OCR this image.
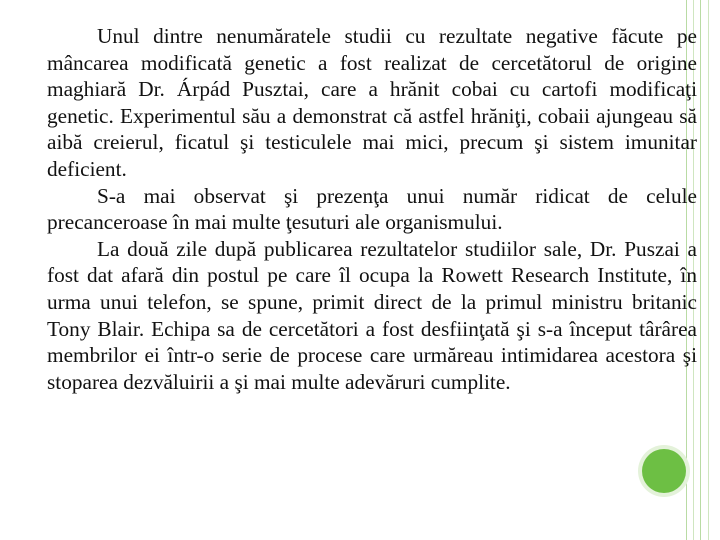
Unul dintre nenumăratele studii cu rezultate negative făcute pe mâncarea modificată genetic a fost realizat de cercetătorul de origine maghiară Dr. Árpád Pusztai, care a hrănit cobai cu cartofi modificaţi genetic. Experimentul său a demonstrat că astfel hrăniţi, cobaii ajungeau să aibă creierul, ficatul şi testiculele mai mici, precum şi sistem imunitar deficient.

S-a mai observat şi prezenţa unui număr ridicat de celule precanceroase în mai multe ţesuturi ale organismului.

La două zile după publicarea rezultatelor studiilor sale, Dr. Puszai a fost dat afară din postul pe care îl ocupa la Rowett Research Institute, în urma unui telefon, se spune, primit direct de la primul ministru britanic Tony Blair. Echipa sa de cercetători a fost desfiinţată şi s-a început târârea membrilor ei într-o serie de procese care urmăreau intimidarea acestora şi stoparea dezvăluirii a şi mai multe adevăruri cumplite.
